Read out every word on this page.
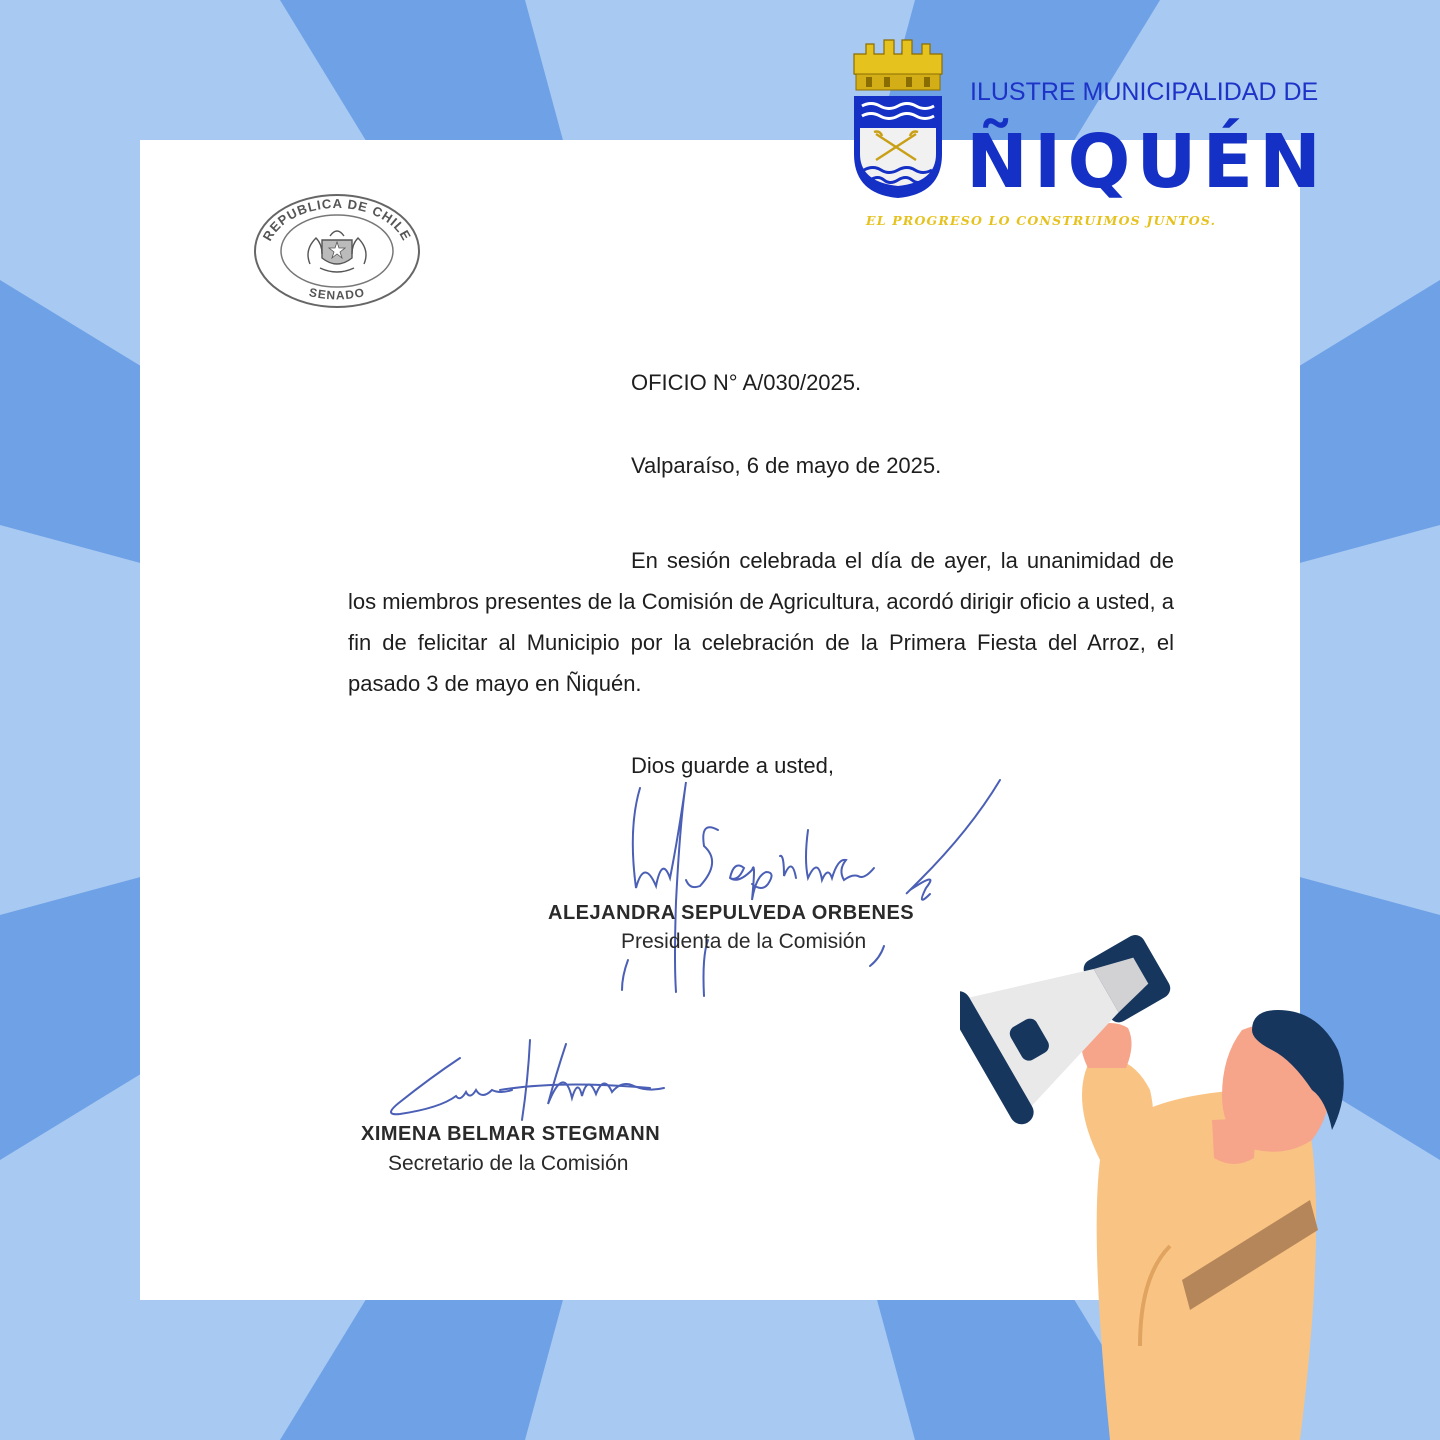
REPUBLICA DE CHILE
SENADO

ILUSTRE MUNICIPALIDAD DE

ÑIQUÉN

EL PROGRESO LO CONSTRUIMOS JUNTOS.

OFICIO N° A/030/2025.

Valparaíso, 6 de mayo de 2025.

En sesión celebrada el día de ayer, la unanimidad de los miembros presentes de la Comisión de Agricultura, acordó dirigir oficio a usted, a fin de felicitar al Municipio por la celebración de la Primera Fiesta del Arroz, el pasado 3 de mayo en Ñiquén.

Dios guarde a usted,

ALEJANDRA SEPULVEDA ORBENES

Presidenta de la Comisión

XIMENA BELMAR STEGMANN

Secretario de la Comisión
